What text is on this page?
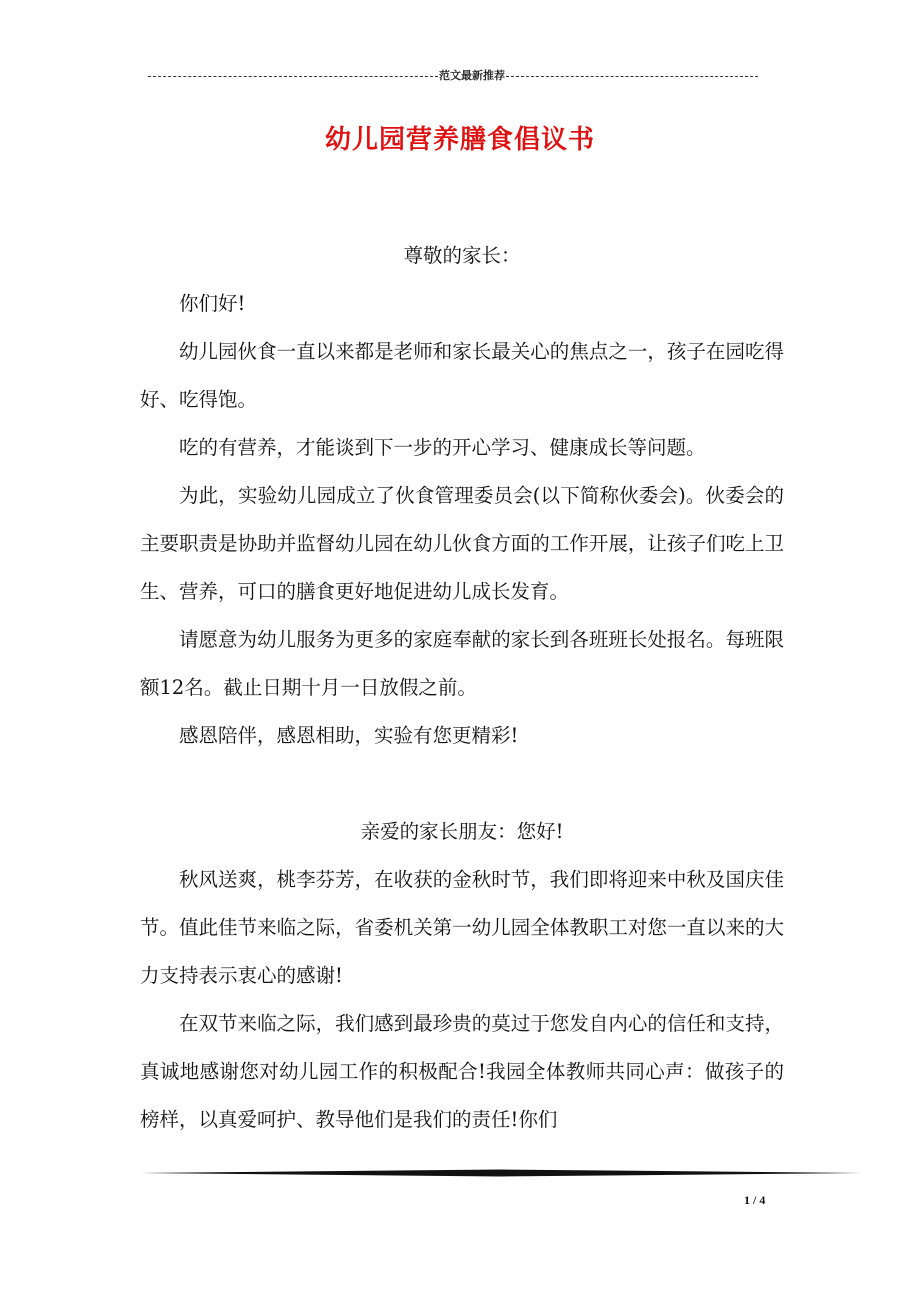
范文最新推荐
幼儿园营养膳食倡议书

尊敬的家长：

你们好!

幼儿园伙食一直以来都是老师和家长最关心的焦点之一，孩子在园吃得好、吃得饱。

吃的有营养，才能谈到下一步的开心学习、健康成长等问题。

为此，实验幼儿园成立了伙食管理委员会(以下简称伙委会)。伙委会的主要职责是协助并监督幼儿园在幼儿伙食方面的工作开展，让孩子们吃上卫生、营养，可口的膳食更好地促进幼儿成长发育。

请愿意为幼儿服务为更多的家庭奉献的家长到各班班长处报名。每班限额12名。截止日期十月一日放假之前。

感恩陪伴，感恩相助，实验有您更精彩!

亲爱的家长朋友：您好!

秋风送爽，桃李芬芳，在收获的金秋时节，我们即将迎来中秋及国庆佳节。值此佳节来临之际，省委机关第一幼儿园全体教职工对您一直以来的大力支持表示衷心的感谢!

在双节来临之际，我们感到最珍贵的莫过于您发自内心的信任和支持，真诚地感谢您对幼儿园工作的积极配合!我园全体教师共同心声：做孩子的榜样，以真爱呵护、教导他们是我们的责任!你们

1 / 4
